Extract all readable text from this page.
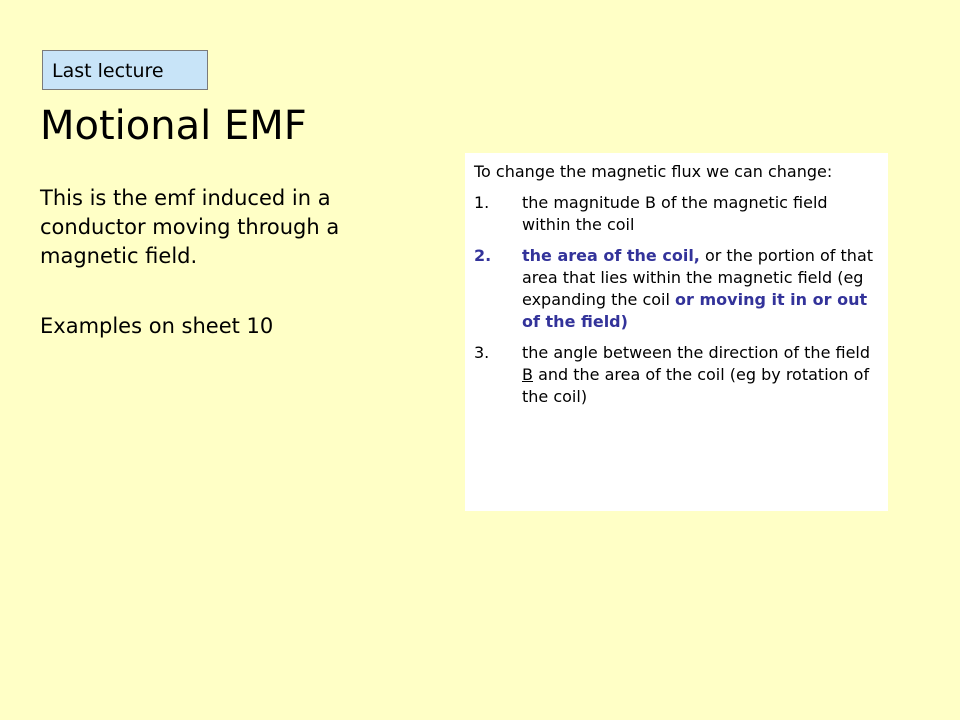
Last lecture
Motional EMF

This is the emf induced in a conductor moving through a magnetic field.

Examples on sheet 10

To change the magnetic flux we can change:

1. the magnitude B of the magnetic field within the coil
2. the area of the coil, or the portion of that area that lies within the magnetic field (eg expanding the coil or moving it in or out of the field)
3. the angle between the direction of the field B and the area of the coil (eg by rotation of the coil)
